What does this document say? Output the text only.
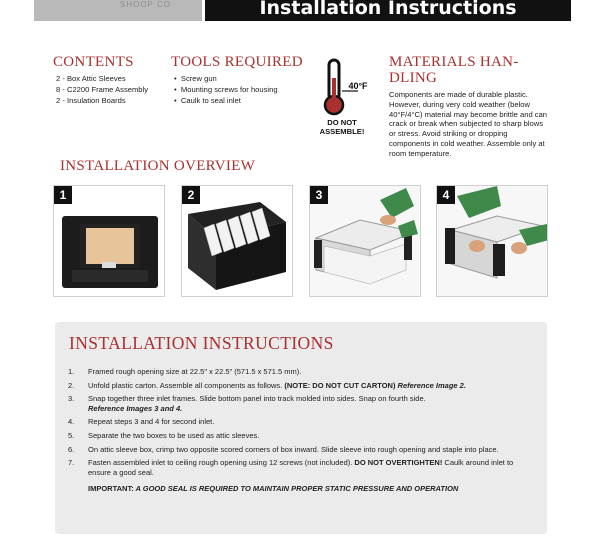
SHOOP CO	Installation Instructions
CONTENTS
2 - Box Attic Sleeves
8 - C2200 Frame Assembly
2 - Insulation Boards
TOOLS REQUIRED
•  Screw gun
•  Mounting screws for housing
•  Caulk to seal inlet
40°F
DO NOT
ASSEMBLE!
MATERIALS HAN-
DLING
Components are made of durable plastic. However, during very cold weather (below 40°F/4°C) material may become brittle and can crack or break when subjected to sharp blows or stress. Avoid striking or dropping components in cold weather. Assemble only at room temperature.
INSTALLATION OVERVIEW
1	2	3	4
INSTALLATION INSTRUCTIONS
1.	Framed rough opening size at 22.5" x 22.5" (571.5 x 571.5 mm).
2.	Unfold plastic carton. Assemble all components as follows. (NOTE: DO NOT CUT CARTON) Reference Image 2.
3.	Snap together three inlet frames. Slide bottom panel into track molded into sides. Snap on fourth side.
Reference Images 3 and 4.
4.	Repeat steps 3 and 4 for second inlet.
5.	Separate the two boxes to be used as attic sleeves.
6.	On attic sleeve box, crimp two opposite scored corners of box inward. Slide sleeve into rough opening and staple into place.
7.	Fasten assembled inlet to ceiling rough opening using 12 screws (not included). DO NOT OVERTIGHTEN! Caulk around inlet to ensure a good seal.
IMPORTANT: A GOOD SEAL IS REQUIRED TO MAINTAIN PROPER STATIC PRESSURE AND OPERATION
